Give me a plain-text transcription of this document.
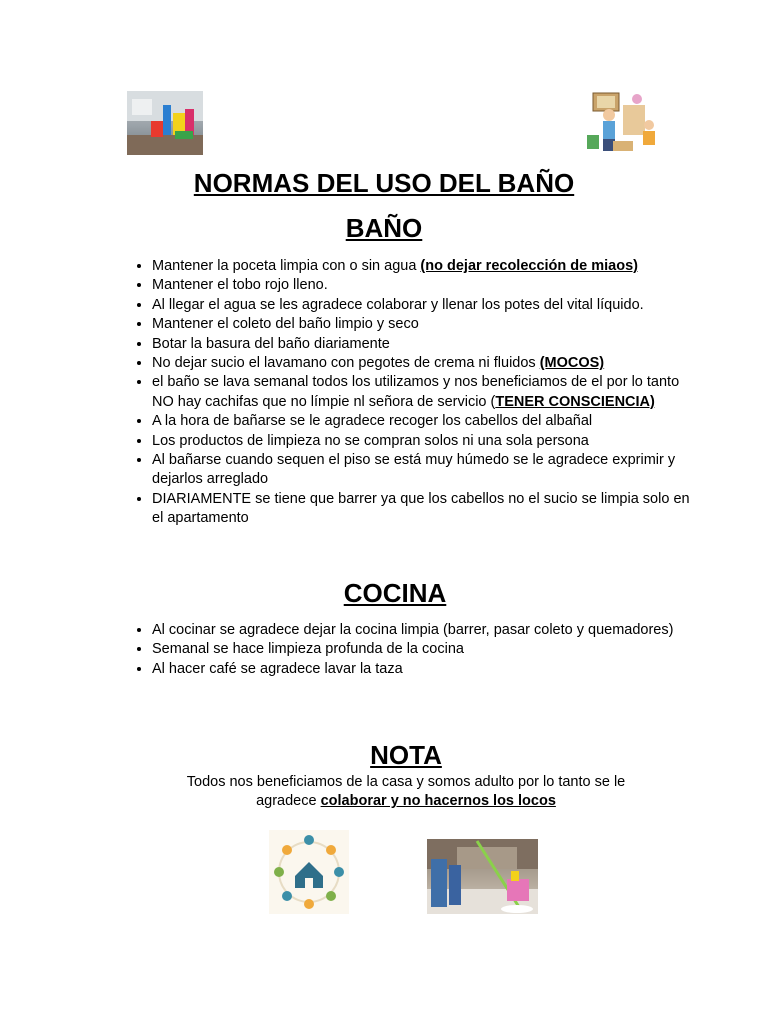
NORMAS DEL USO DEL BAÑO
BAÑO
• Mantener la poceta limpia con o sin agua (no dejar recolección de miaos)
• Mantener el tobo rojo lleno.
• Al llegar el agua se les agradece colaborar y llenar los potes del vital líquido.
• Mantener el coleto del baño limpio y seco
• Botar la basura del baño diariamente
• No dejar sucio el lavamano con pegotes de crema ni fluidos (MOCOS)
• el baño se lava semanal todos los utilizamos y nos beneficiamos de el por lo tanto NO hay cachifas que no límpie nl señora de servicio (TENER CONSCIENCIA)
• A la hora de bañarse se le agradece recoger los cabellos del albañal
• Los productos de limpieza no se compran solos ni una sola persona
• Al bañarse cuando sequen el piso se está muy húmedo se le agradece exprimir y dejarlos arreglado
• DIARIAMENTE se tiene que barrer ya que los cabellos no el sucio se limpia solo en el apartamento
COCINA
• Al cocinar se agradece dejar la cocina limpia (barrer, pasar coleto y quemadores)
• Semanal se hace limpieza profunda de la cocina
• Al hacer café se agradece lavar la taza
NOTA

Todos nos beneficiamos de la casa y somos adulto por lo tanto se le agradece colaborar y no hacernos los locos
